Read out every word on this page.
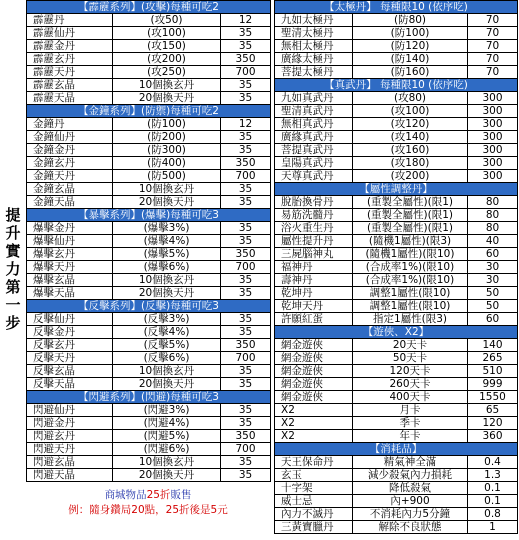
提升實力第一步
【霹靂系列】(攻擊)每種可吃2		
霹靂丹	(攻50)	12
霹靂仙丹	(攻100)	35
霹靂金丹	(攻150)	35
霹靂玄丹	(攻200)	350
霹靂天丹	(攻250)	700
霹靂玄晶	10個換玄丹	35
霹靂天晶	20個換天丹	35
【金鐘系列】(防禦)每種可吃2		
金鐘丹	(防100)	12
金鐘仙丹	(防200)	35
金鐘金丹	(防300)	35
金鐘玄丹	(防400)	350
金鐘天丹	(防500)	700
金鐘玄晶	10個換玄丹	35
金鐘天晶	20個換天丹	35
【暴擊系列】(爆擊)每種可吃3		
爆擊金丹	(爆擊3%)	35
爆擊仙丹	(爆擊4%)	35
爆擊玄丹	(爆擊5%)	350
爆擊天丹	(爆擊6%)	700
爆擊玄晶	10個換玄丹	35
爆擊天晶	20個換天丹	35
【反擊系列】(反擊)每種可吃3		
反擊仙丹	(反擊3%)	35
反擊金丹	(反擊4%)	35
反擊玄丹	(反擊5%)	350
反擊天丹	(反擊6%)	700
反擊玄晶	10個換玄丹	35
反擊天晶	20個換天丹	35
【閃避系列】(閃避)每種可吃3		
閃避仙丹	(閃避3%)	35
閃避金丹	(閃避4%)	35
閃避玄丹	(閃避5%)	350
閃避天丹	(閃避6%)	700
閃避玄晶	10個換玄丹	35
閃避天晶	20個換天丹	35
商城物品25折販售
例：隨身鑽局20點，25折後是5元
【太極丹】 每種限10 (依序吃)		
九如太極丹	(防80)	70
聖清太極丹	(防100)	70
無相太極丹	(防120)	70
廣緣太極丹	(防140)	70
菩提太極丹	(防160)	70
【真武丹】 每種限10 (依序吃)		
九如真武丹	(攻80)	300
聖清真武丹	(攻100)	300
無相真武丹	(攻120)	300
廣緣真武丹	(攻140)	300
菩提真武丹	(攻160)	300
皇陽真武丹	(攻180)	300
天尊真武丹	(攻200)	300
【屬性調整丹】		
脫胎換骨丹	(重製全屬性)(限1)	80
易筋洗髓丹	(重製全屬性)(限1)	80
浴火重生丹	(重製全屬性)(限1)	80
屬性提升丹	(隨機1屬性)(限3)	40
三屍腦神丸	(隨機1屬性)(限10)	60
福神丹	(合成率1%)(限10)	30
壽神丹	(合成率1%)(限10)	30
乾坤丹	調整1屬性(限10)	50
乾坤天丹	調整1屬性(限10)	50
許願紅蛋	指定1屬性(限3)	60
【遊俠、X2】		
網金遊俠	20天卡	140
網金遊俠	50天卡	265
網金遊俠	120天卡	510
網金遊俠	260天卡	999
網金遊俠	400天卡	1550
X2	月卡	65
X2	季卡	120
X2	年卡	360
【消耗品】		
天王保命丹	精氣神全滿	0.4
玄玉	減少殺氣內力損耗	1.3
十字架	降低殺氣	0.1
威士忌	內+900	0.1
內力不滅丹	不消耗內力5分鐘	0.8
三黃寶臘丹	解除不良狀態	1
